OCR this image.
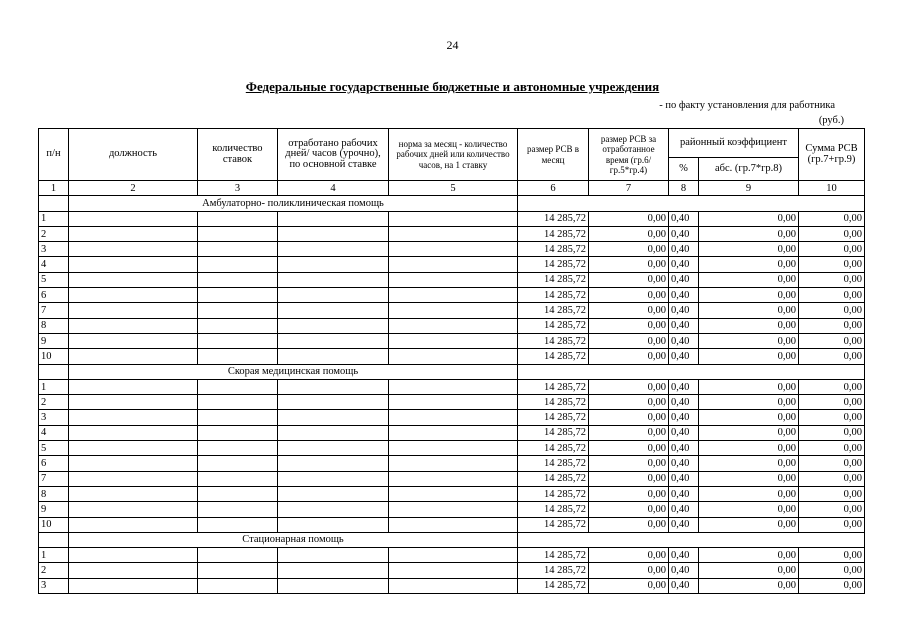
24
Федеральные государственные бюджетные и автономные учреждения
- по факту установления для работника
(руб.)
п/н	должность	количество ставок	отработано рабочих дней/ часов (урочно), по основной ставке	норма за месяц - количество рабочих дней или количество часов, на 1 ставку	размер РСВ в месяц	размер РСВ за отработанное время (гр.6/гр.5*гр.4)	районный коэффициент		Сумма РСВ (гр.7+гр.9)
							%	абс. (гр.7*гр.8)	
1	2	3	4	5	6	7	8	9	10
	Амбулаторно- поликлиническая помощь								
1					14 285,72	0,00	0,40	0,00	0,00
2					14 285,72	0,00	0,40	0,00	0,00
3					14 285,72	0,00	0,40	0,00	0,00
4					14 285,72	0,00	0,40	0,00	0,00
5					14 285,72	0,00	0,40	0,00	0,00
6					14 285,72	0,00	0,40	0,00	0,00
7					14 285,72	0,00	0,40	0,00	0,00
8					14 285,72	0,00	0,40	0,00	0,00
9					14 285,72	0,00	0,40	0,00	0,00
10					14 285,72	0,00	0,40	0,00	0,00
	Скорая медицинская помощь								
1					14 285,72	0,00	0,40	0,00	0,00
2					14 285,72	0,00	0,40	0,00	0,00
3					14 285,72	0,00	0,40	0,00	0,00
4					14 285,72	0,00	0,40	0,00	0,00
5					14 285,72	0,00	0,40	0,00	0,00
6					14 285,72	0,00	0,40	0,00	0,00
7					14 285,72	0,00	0,40	0,00	0,00
8					14 285,72	0,00	0,40	0,00	0,00
9					14 285,72	0,00	0,40	0,00	0,00
10					14 285,72	0,00	0,40	0,00	0,00
	Стационарная помощь								
1					14 285,72	0,00	0,40	0,00	0,00
2					14 285,72	0,00	0,40	0,00	0,00
3					14 285,72	0,00	0,40	0,00	0,00
